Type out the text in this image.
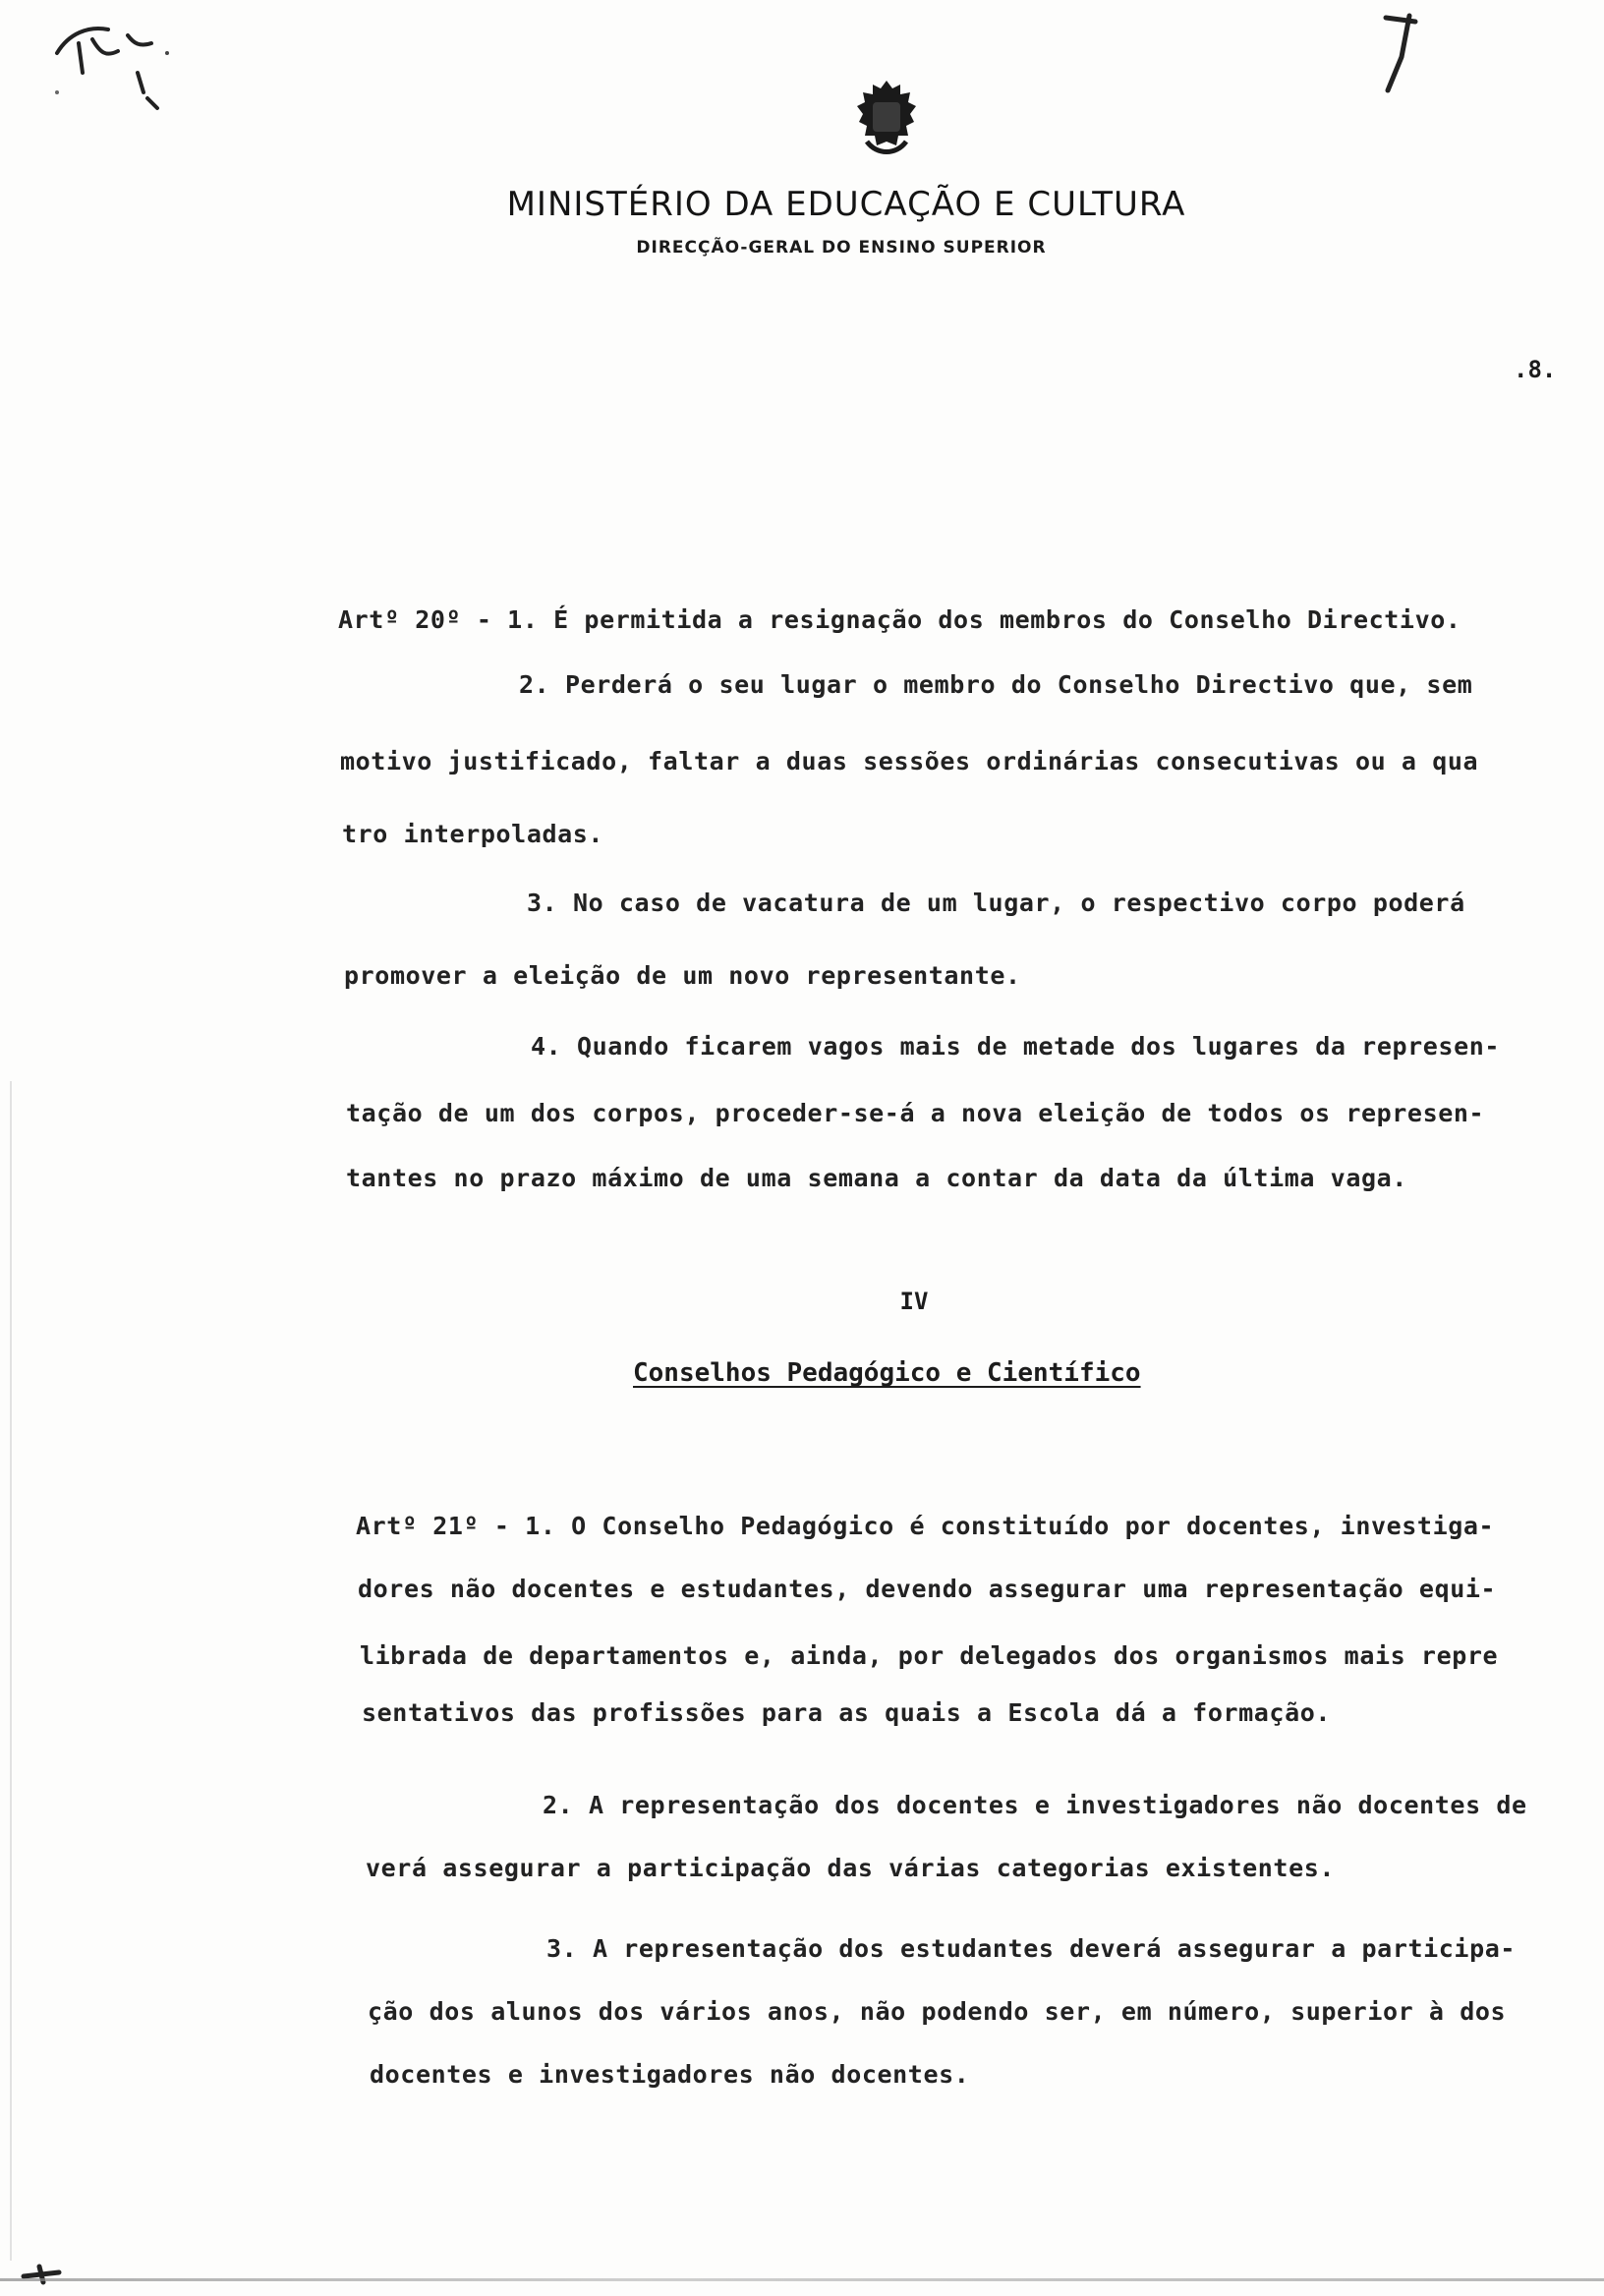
MINISTÉRIO DA EDUCAÇÃO E CULTURA
DIRECÇÃO-GERAL DO ENSINO SUPERIOR
.8.
Artº 20º - 1. É permitida a resignação dos membros do Conselho Directivo.
2. Perderá o seu lugar o membro do Conselho Directivo que, sem
motivo justificado, faltar a duas sessões ordinárias consecutivas ou a qua
tro interpoladas.
3. No caso de vacatura de um lugar, o respectivo corpo poderá
promover a eleição de um novo representante.
4. Quando ficarem vagos mais de metade dos lugares da represen-
tação de um dos corpos, proceder-se-á a nova eleição de todos os represen-
tantes no prazo máximo de uma semana a contar da data da última vaga.
IV
Conselhos Pedagógico e Científico
Artº 21º - 1. O Conselho Pedagógico é constituído por docentes, investiga-
dores não docentes e estudantes, devendo assegurar uma representação equi-
librada de departamentos e, ainda, por delegados dos organismos mais repre
sentativos das profissões para as quais a Escola dá a formação.
2. A representação dos docentes e investigadores não docentes de
verá assegurar a participação das várias categorias existentes.
3. A representação dos estudantes deverá assegurar a participa-
ção dos alunos dos vários anos, não podendo ser, em número, superior à dos
docentes e investigadores não docentes.
